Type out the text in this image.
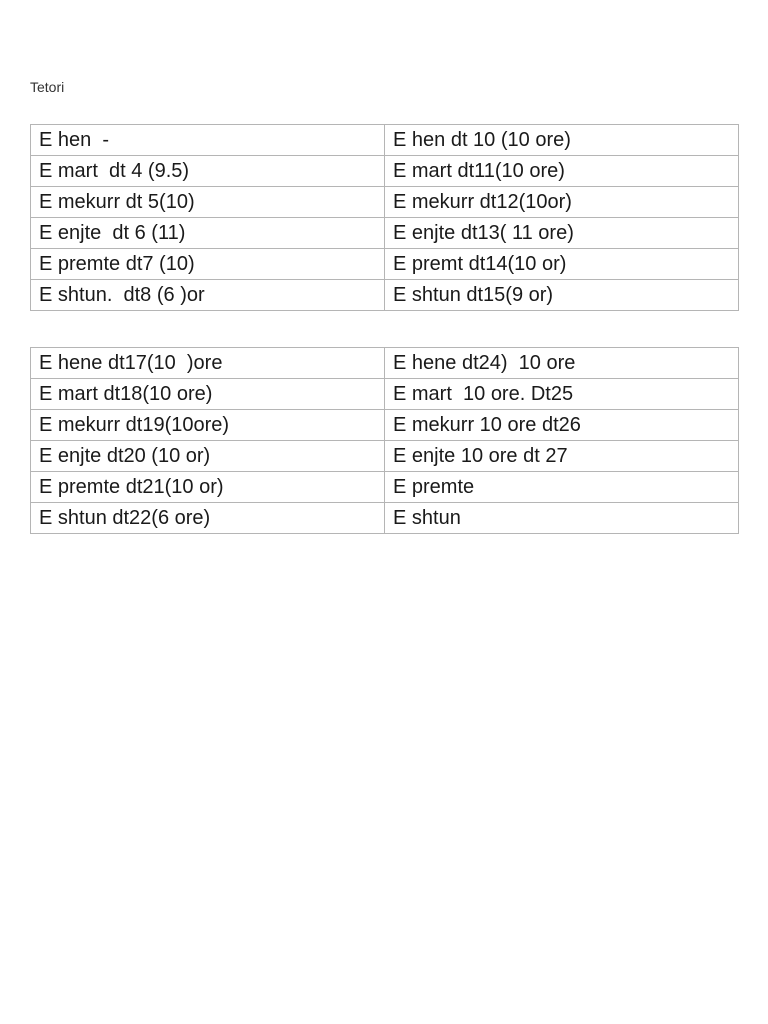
Tetori
E hen  -	E hen dt 10 (10 ore)
E mart  dt 4 (9.5)	E mart dt11(10 ore)
E mekurr dt 5(10)	E mekurr dt12(10or)
E enjte  dt 6 (11)	E enjte dt13( 11 ore)
E premte dt7 (10)	E premt dt14(10 or)
E shtun.  dt8 (6 )or	E shtun dt15(9 or)
E hene dt17(10  )ore	E hene dt24)  10 ore
E mart dt18(10 ore)	E mart  10 ore. Dt25
E mekurr dt19(10ore)	E mekurr 10 ore dt26
E enjte dt20 (10 or)	E enjte 10 ore dt 27
E premte dt21(10 or)	E premte
E shtun dt22(6 ore)	E shtun
